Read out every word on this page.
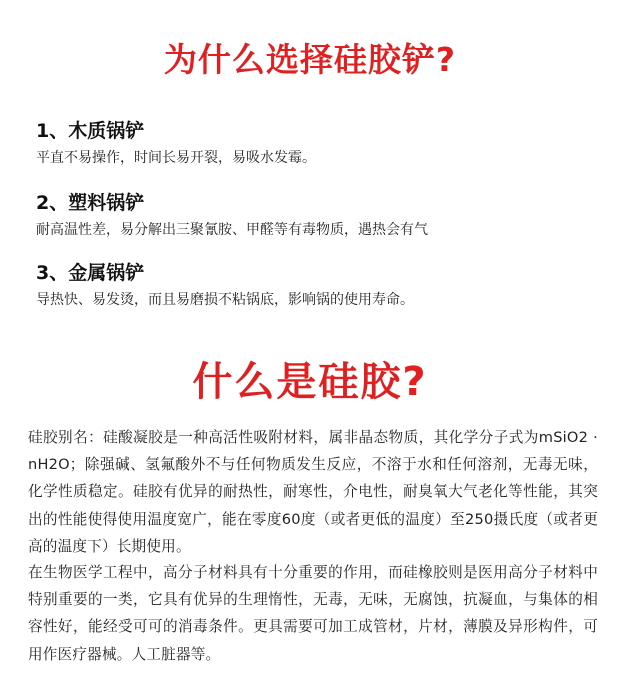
为什么选择硅胶铲?

1、木质锅铲

平直不易操作，时间长易开裂，易吸水发霉。

2、塑料锅铲

耐高温性差，易分解出三聚氰胺、甲醛等有毒物质，遇热会有气

3、金属锅铲

导热快、易发烫，而且易磨损不粘锅底，影响锅的使用寿命。

什么是硅胶?

硅胶别名：硅酸凝胶是一种高活性吸附材料，属非晶态物质，其化学分子式为mSiO2 · nH2O；除强碱、氢氟酸外不与任何物质发生反应，不溶于水和任何溶剂，无毒无味，化学性质稳定。硅胶有优异的耐热性，耐寒性，介电性，耐臭氧大气老化等性能，其突出的性能使得使用温度宽广，能在零度60度（或者更低的温度）至250摄氏度（或者更高的温度下）长期使用。

在生物医学工程中，高分子材料具有十分重要的作用，而硅橡胶则是医用高分子材料中特别重要的一类，它具有优异的生理惰性，无毒，无味，无腐蚀，抗凝血，与集体的相容性好，能经受可可的消毒条件。更具需要可加工成管材，片材，薄膜及异形构件，可用作医疗器械。人工脏器等。
